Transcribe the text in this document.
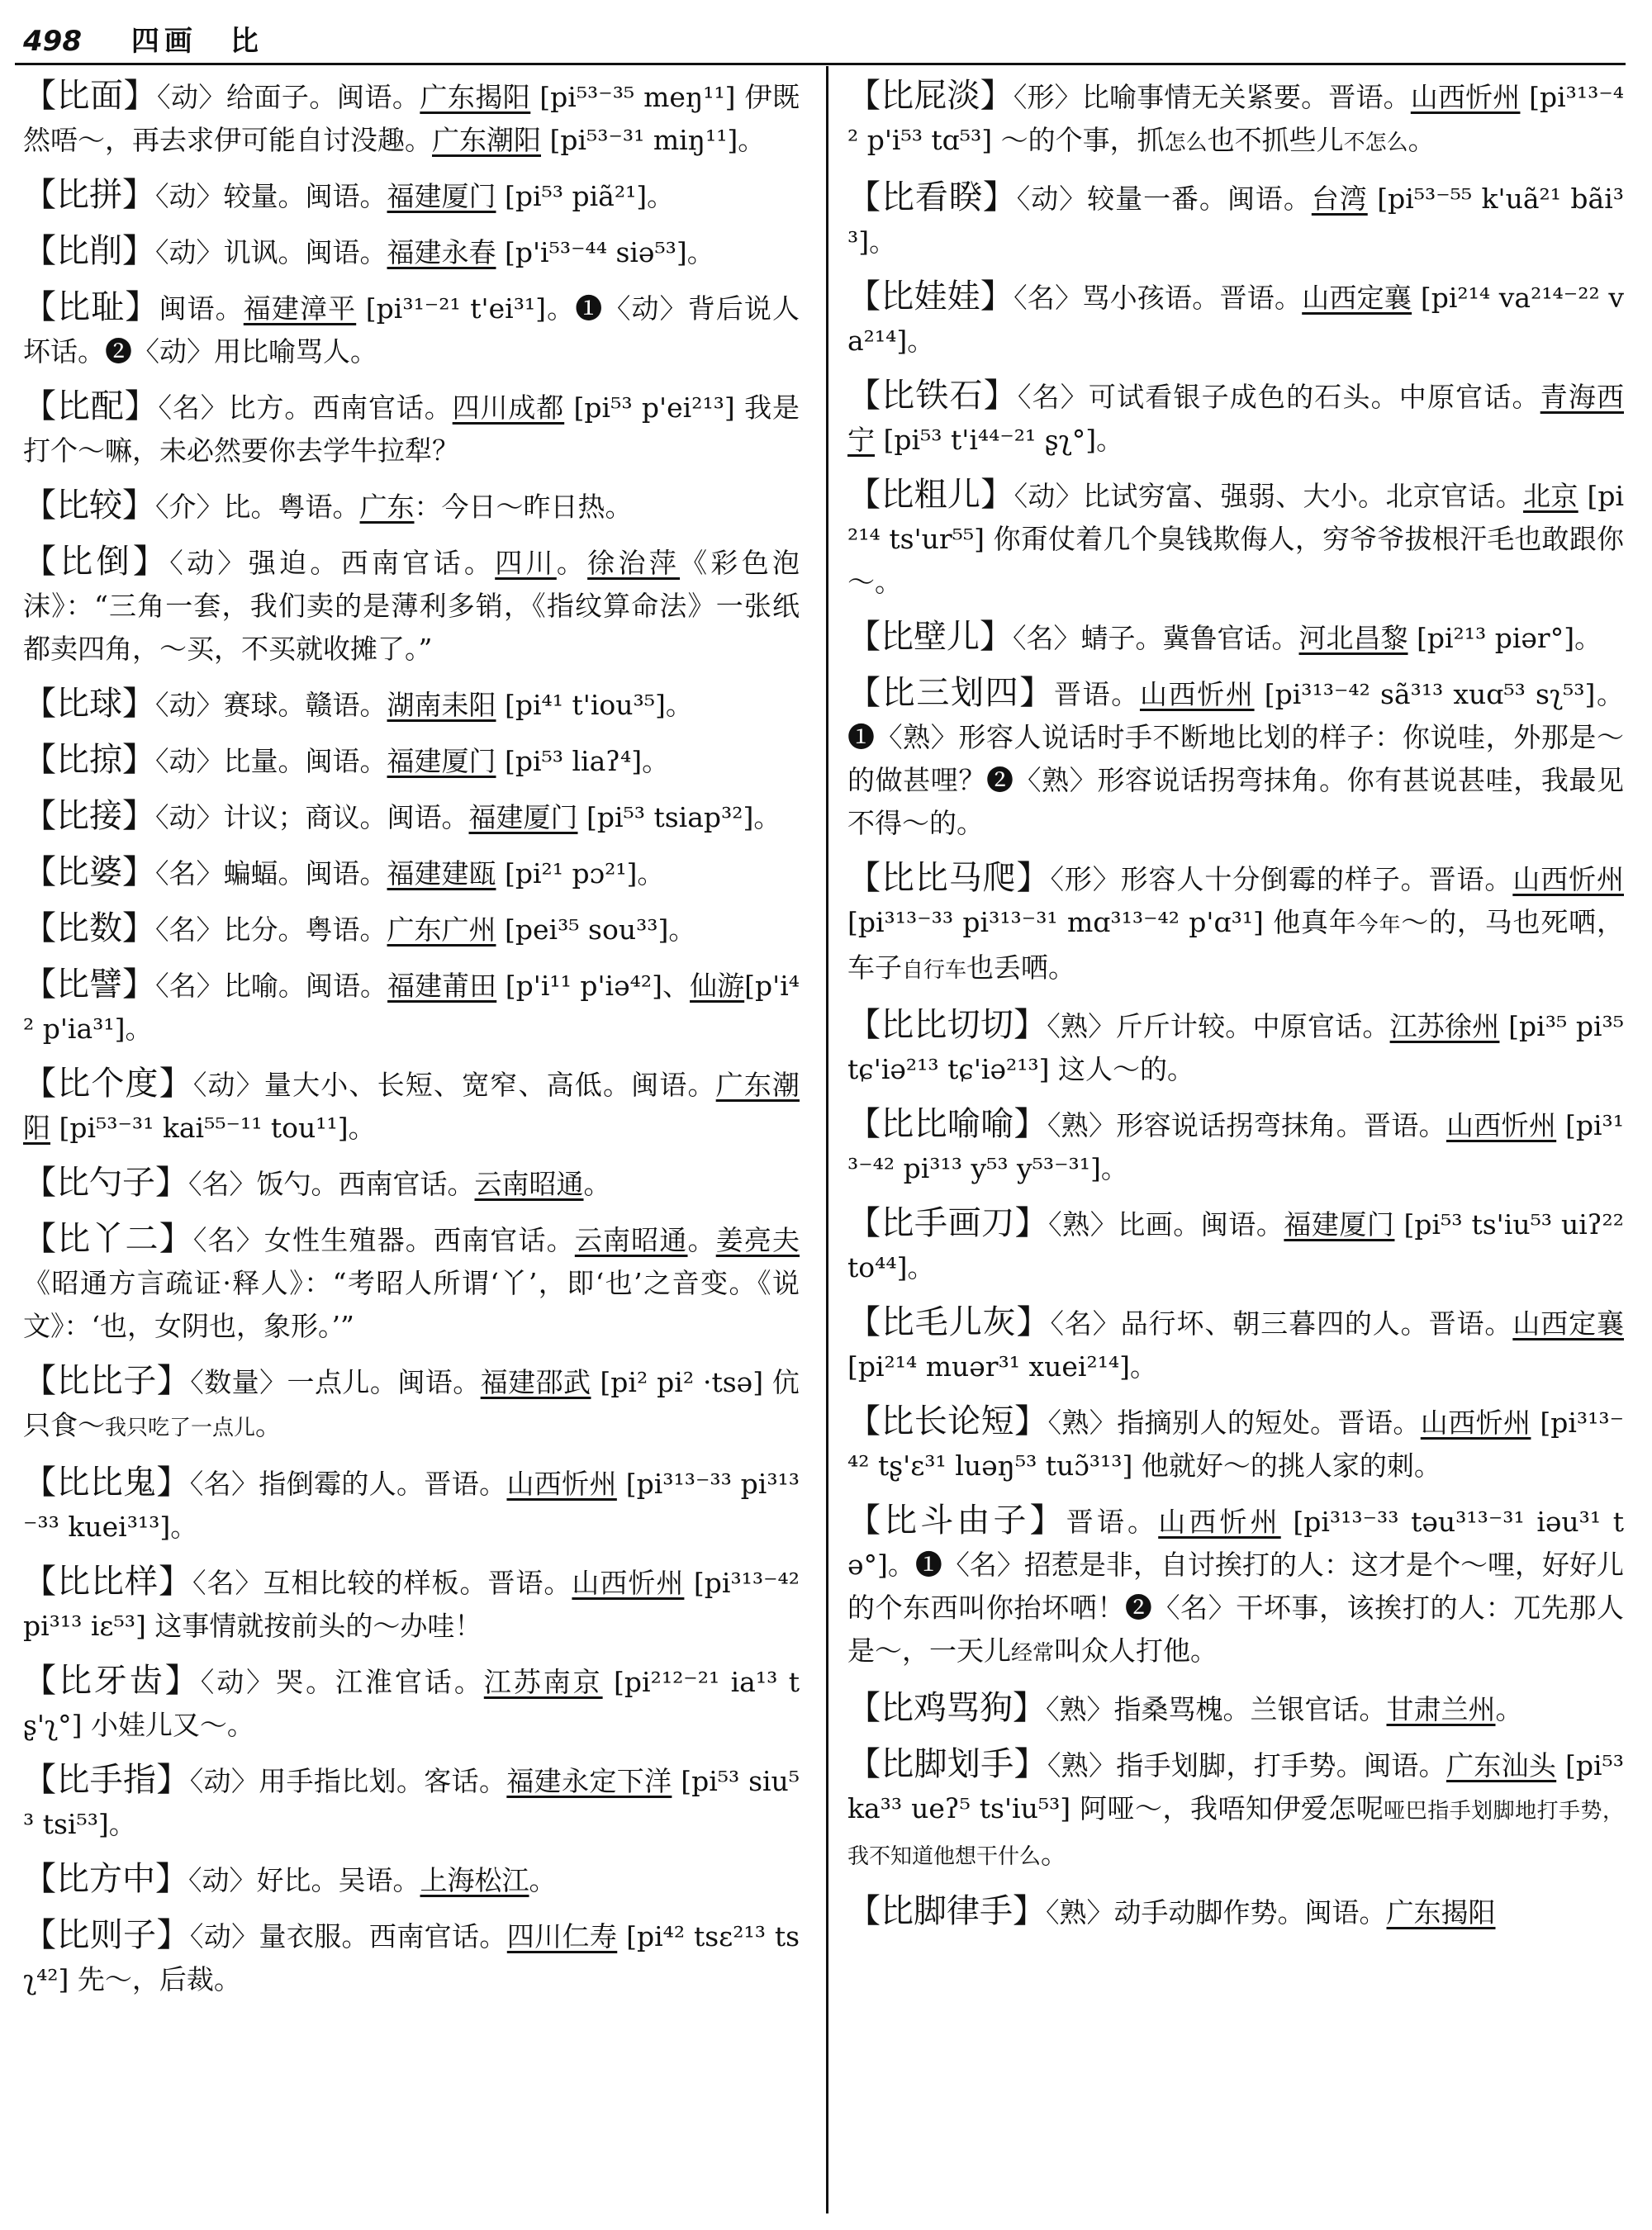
498 四画　比

【比面】〈动〉给面子。闽语。广东揭阳 [pi⁵³⁻³⁵ meŋ¹¹] 伊既然唔～，再去求伊可能自讨没趣。广东潮阳 [pi⁵³⁻³¹ miŋ¹¹]。

【比拼】〈动〉较量。闽语。福建厦门 [pi⁵³ piã²¹]。

【比削】〈动〉讥讽。闽语。福建永春 [p'i⁵³⁻⁴⁴ siə⁵³]。

【比耻】闽语。福建漳平 [pi³¹⁻²¹ t'ei³¹]。❶〈动〉背后说人坏话。❷〈动〉用比喻骂人。

【比配】〈名〉比方。西南官话。四川成都 [pi⁵³ p'ei²¹³] 我是打个～嘛，未必然要你去学牛拉犁？

【比较】〈介〉比。粤语。广东：今日～昨日热。

【比倒】〈动〉强迫。西南官话。四川。徐治萍《彩色泡沫》：“三角一套，我们卖的是薄利多销，《指纹算命法》一张纸都卖四角，～买，不买就收摊了。”

【比球】〈动〉赛球。赣语。湖南耒阳 [pi⁴¹ t'iou³⁵]。

【比掠】〈动〉比量。闽语。福建厦门 [pi⁵³ liaʔ⁴]。

【比接】〈动〉计议；商议。闽语。福建厦门 [pi⁵³ tsiap³²]。

【比婆】〈名〉蝙蝠。闽语。福建建瓯 [pi²¹ pɔ²¹]。

【比数】〈名〉比分。粤语。广东广州 [pei³⁵ sou³³]。

【比譬】〈名〉比喻。闽语。福建莆田 [p'i¹¹ p'iə⁴²]、仙游[p'i⁴² p'ia³¹]。

【比个度】〈动〉量大小、长短、宽窄、高低。闽语。广东潮阳 [pi⁵³⁻³¹ kai⁵⁵⁻¹¹ tou¹¹]。

【比勺子】〈名〉饭勺。西南官话。云南昭通。

【比丫二】〈名〉女性生殖器。西南官话。云南昭通。姜亮夫《昭通方言疏证·释人》：“考昭人所谓‘丫’，即‘也’之音变。《说文》：‘也，女阴也，象形。’”

【比比子】〈数量〉一点儿。闽语。福建邵武 [pi² pi² ·tsə] 伉只食～我只吃了一点儿。

【比比鬼】〈名〉指倒霉的人。晋语。山西忻州 [pi³¹³⁻³³ pi³¹³⁻³³ kuei³¹³]。

【比比样】〈名〉互相比较的样板。晋语。山西忻州 [pi³¹³⁻⁴² pi³¹³ iɛ⁵³] 这事情就按前头的～办哇！

【比牙齿】〈动〉哭。江淮官话。江苏南京 [pi²¹²⁻²¹ ia¹³ tʂ'ʅ°] 小娃儿又～。

【比手指】〈动〉用手指比划。客话。福建永定下洋 [pi⁵³ siu⁵³ tsi⁵³]。

【比方中】〈动〉好比。吴语。上海松江。

【比则子】〈动〉量衣服。西南官话。四川仁寿 [pi⁴² tsɛ²¹³ tsʅ⁴²] 先～，后裁。

【比屁淡】〈形〉比喻事情无关紧要。晋语。山西忻州 [pi³¹³⁻⁴² p'i⁵³ tɑ⁵³] ～的个事，抓怎么也不抓些儿不怎么。

【比看睽】〈动〉较量一番。闽语。台湾 [pi⁵³⁻⁵⁵ k'uã²¹ bãi³³]。

【比娃娃】〈名〉骂小孩语。晋语。山西定襄 [pi²¹⁴ va²¹⁴⁻²² va²¹⁴]。

【比铁石】〈名〉可试看银子成色的石头。中原官话。青海西宁 [pi⁵³ t'i⁴⁴⁻²¹ ʂʅ°]。

【比粗儿】〈动〉比试穷富、强弱、大小。北京官话。北京 [pi²¹⁴ ts'ur⁵⁵] 你甭仗着几个臭钱欺侮人，穷爷爷拔根汗毛也敢跟你～。

【比壁儿】〈名〉蜻子。冀鲁官话。河北昌黎 [pi²¹³ piər°]。

【比三划四】晋语。山西忻州 [pi³¹³⁻⁴² sã³¹³ xuɑ⁵³ sʅ⁵³]。❶〈熟〉形容人说话时手不断地比划的样子：你说哇，外那是～的做甚哩？❷〈熟〉形容说话拐弯抹角。你有甚说甚哇，我最见不得～的。

【比比马爬】〈形〉形容人十分倒霉的样子。晋语。山西忻州 [pi³¹³⁻³³ pi³¹³⁻³¹ mɑ³¹³⁻⁴² p'ɑ³¹] 他真年今年～的，马也死哂，车子自行车也丢哂。

【比比切切】〈熟〉斤斤计较。中原官话。江苏徐州 [pi³⁵ pi³⁵ tɕ'iə²¹³ tɕ'iə²¹³] 这人～的。

【比比喻喻】〈熟〉形容说话拐弯抹角。晋语。山西忻州 [pi³¹³⁻⁴² pi³¹³ y⁵³ y⁵³⁻³¹]。

【比手画刀】〈熟〉比画。闽语。福建厦门 [pi⁵³ ts'iu⁵³ uiʔ²² to⁴⁴]。

【比毛儿灰】〈名〉品行坏、朝三暮四的人。晋语。山西定襄 [pi²¹⁴ muər³¹ xuei²¹⁴]。

【比长论短】〈熟〉指摘别人的短处。晋语。山西忻州 [pi³¹³⁻⁴² tʂ'ɛ³¹ luəŋ⁵³ tuɔ̃³¹³] 他就好～的挑人家的刺。

【比斗由子】晋语。山西忻州 [pi³¹³⁻³³ təu³¹³⁻³¹ iəu³¹ tə°]。❶〈名〉招惹是非，自讨挨打的人：这才是个～哩，好好儿的个东西叫你抬坏哂！❷〈名〉干坏事，该挨打的人：兀先那人是～，一天儿经常叫众人打他。

【比鸡骂狗】〈熟〉指桑骂槐。兰银官话。甘肃兰州。

【比脚划手】〈熟〉指手划脚，打手势。闽语。广东汕头 [pi⁵³ ka³³ ueʔ⁵ ts'iu⁵³] 阿哑～，我唔知伊爱怎呢哑巴指手划脚地打手势，我不知道他想干什么。

【比脚律手】〈熟〉动手动脚作势。闽语。广东揭阳
